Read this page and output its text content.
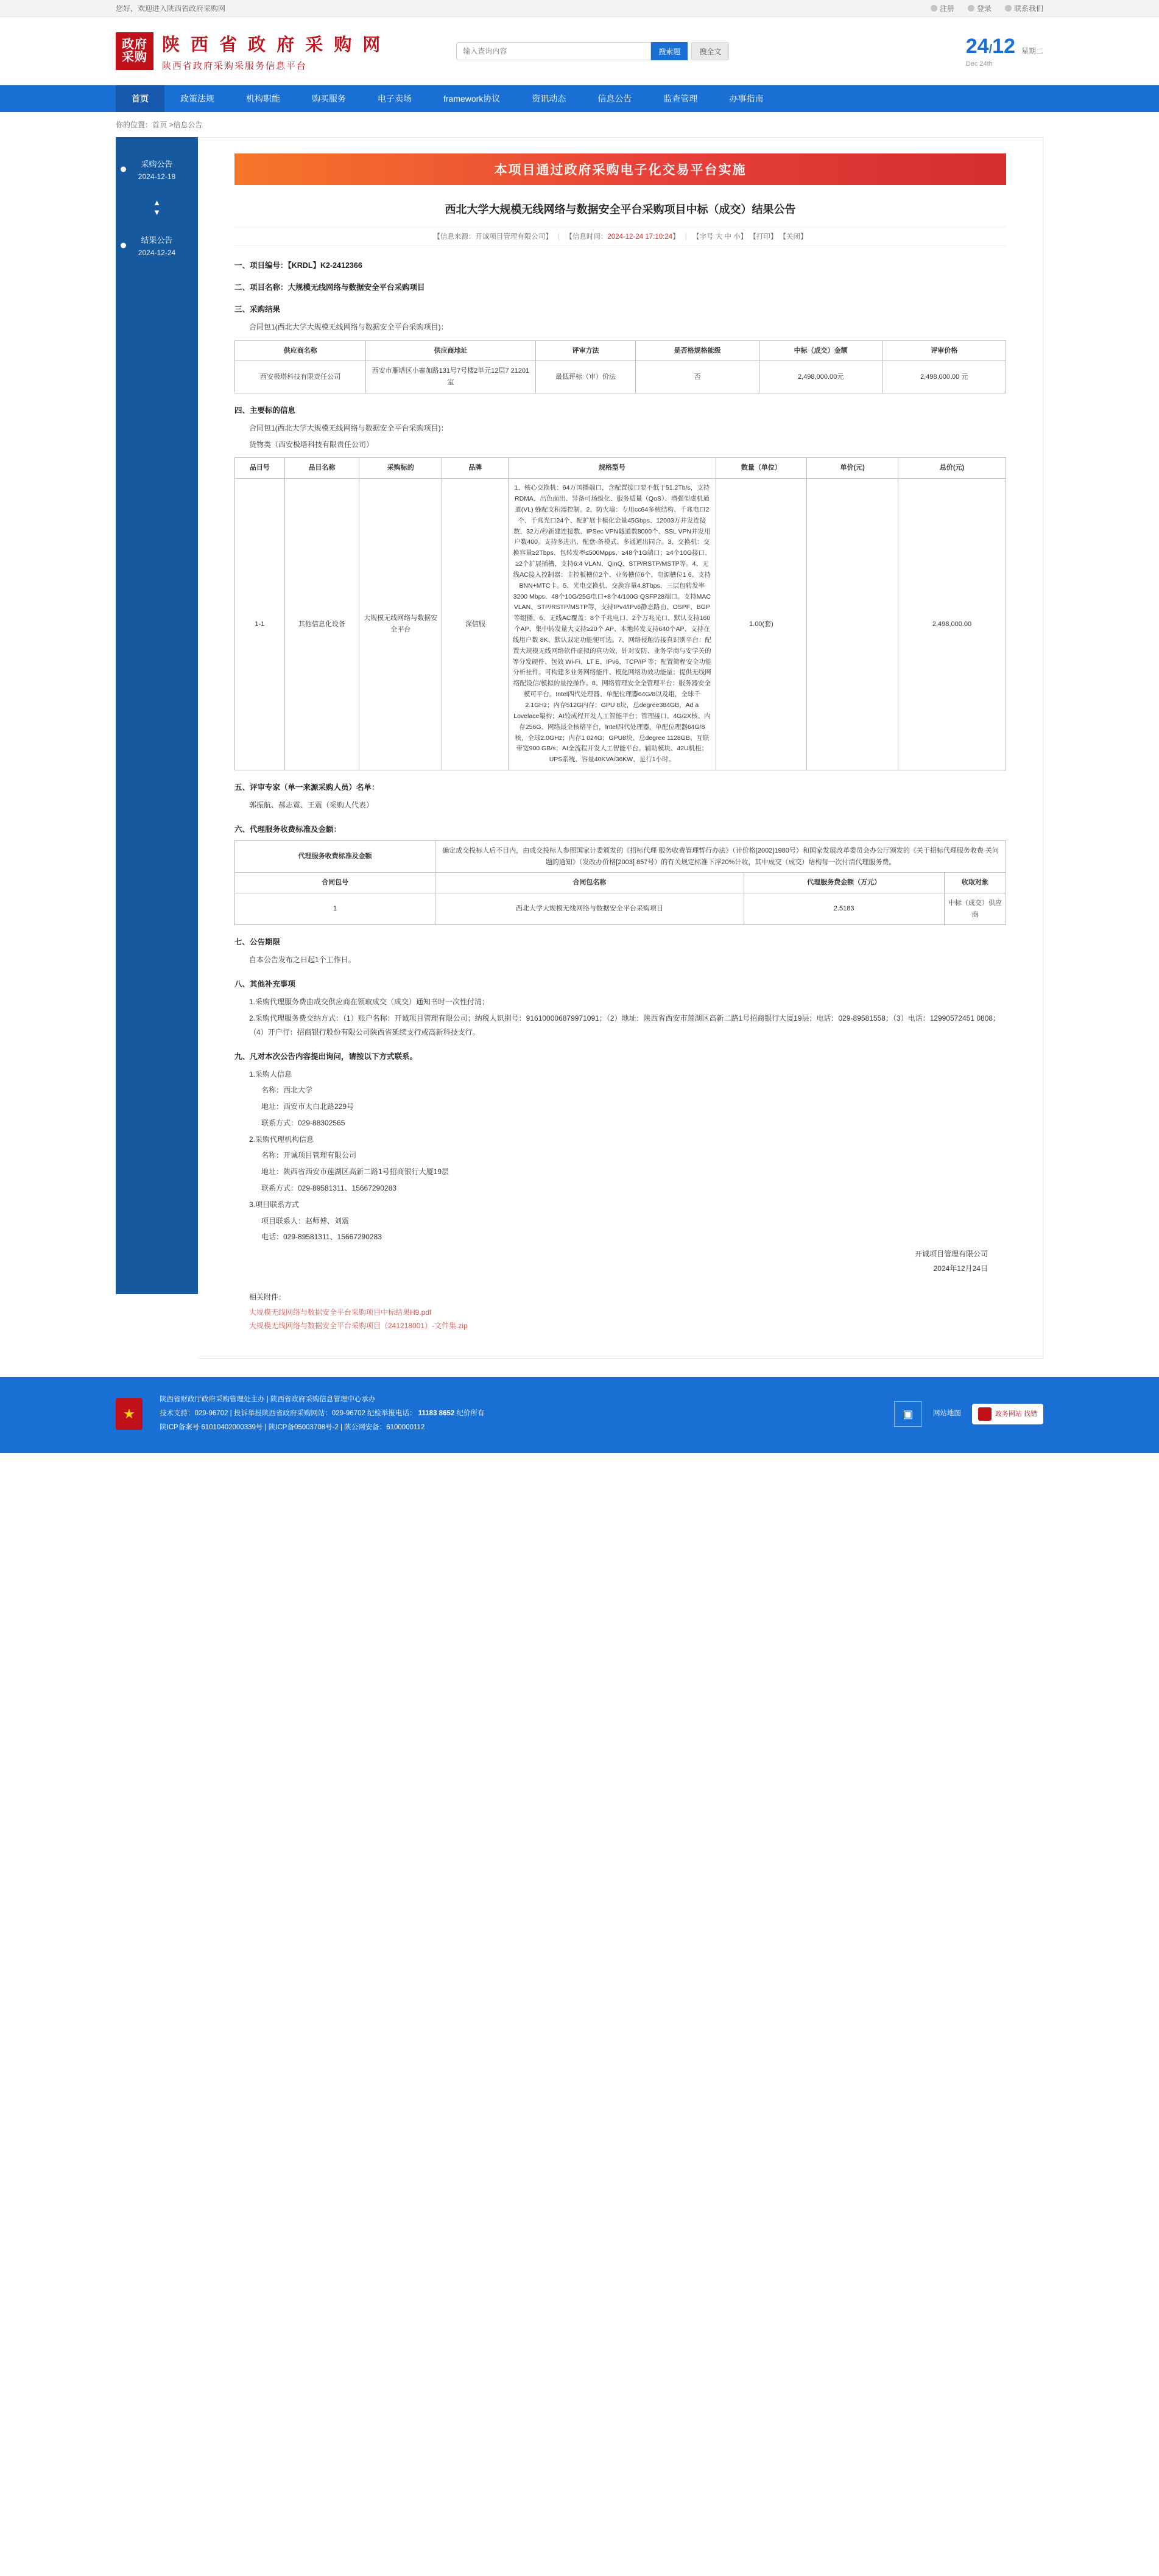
您好，欢迎进入陕西省政府采购网	注册	登录	联系我们
政府采购
陕 西 省 政 府 采 购 网
陕西省政府采购采服务信息平台
输入查询内容
搜索题	搜全文	24/12
Dec 24th
星期二
首页	政策法规	机构职能	购买服务	电子卖场	framework协议	资讯动态	信息公告	监查管理	办事指南
你的位置：首页 >信息公告
采购公告
2024-12-18
▲
▼
结果公告
2024-12-24
本项目通过政府采购电子化交易平台实施
西北大学大规模无线网络与数据安全平台采购项目中标（成交）结果公告
【信息来源：开诚项目管理有限公司】 | 【信息时间：2024-12-24 17:10:24】 | 【字号 大 中 小】 【打印】 【关闭】
一、项目编号：【KRDL】K2-2412366
二、项目名称：大规模无线网络与数据安全平台采购项目
三、采购结果
合同包1(西北大学大规模无线网络与数据安全平台采购项目)：
供应商名称	供应商地址	评审方法	是否格规格能级	中标（成交）金额	评审价格
西安极塔科技有限责任公司	西安市雁塔区小寨加路131号7号楼2单元12层7 21201室	最低评标（审）价法	否	2,498,000.00元	2,498,000.00 元
四、主要标的信息
合同包1(西北大学大规模无线网络与数据安全平台采购项目)：
货物类（西安极塔科技有限责任公司）
品目号	品目名称	采购标的	品牌	规格型号	数量（单位）	单价(元)	总价(元)
1-1	其他信息化设备	大规模无线网络与数据安全平台	深信服	1、核心交换机：64万国播端口，含配置接口要不低于51.2Tb/s，支持RDMA、出色面出、异备可场级化、服务质量（QoS）、增强型虚机通道(VL) 蜂配支积器控制。2、防火墙：专用cc64多核结构、千兆电口2个、千兆光口24个、配扩展卡模化金量45Gbps、12003万并发连接数、32万/秒新建连接数、IPSec VPN隧道数8000个、SSL VPN并发用户数400。支持多进出、配盘-备模式、多通道出同合。3、交换机：交换容量≥2Tbps、包转发率≤500Mpps、≥48个1G端口；≥4个10G接口、≥2个扩展插槽，支持6:4 VLAN、QinQ、STP/RSTP/MSTP等。4、无线AC接入控制器：主控板槽位2个、业务槽位6个、电源槽位1 6、支持BNN+MTC卡。5、光电交换机、交换容量4.8Tbps、三层包转发率3200 Mbps、48个10G/25G电口+8个4/100G QSFP28端口。支持MAC VLAN、STP/RSTP/MSTP等，支持IPv4/IPv6静态路由、OSPF、BGP等组播。6、无线AC覆盖：8个千兆电口、2个万兆光口、默认支持160个AP、集中转发量大支持≥20个 AP、本地转发支持640个AP、支持在线用户数 8K、默认双定功能便可选。7、网络侵触访接真识别平台：配置大规模无线网络软件虚拟的真功效，针对安防、业务学商与安学关的等分发硬件、包效 Wi-Fi、LT E、IPv6、TCP/IP 等；配置简程安全功能分析社件。可构建多业务网络能件、模化网络功效功能量；提供无线网络配设信/模拟的量控操作。8、网络管理安全全管理平台：服务器安全模可平台。Intel四代处理器、单配位理器64G/8以及组，全球千2.1GHz；内存512G内存；GPU 8块，总degree384GB，Ad a Lovelace架构；AI较成程开发人工智能平台；管理接口、4G/2X核、内存256G、网络最全核格平台，Intel四代处理器，单配位理器64G/8 核，全球2.0GHz；内存1 024G；GPU8块、总degree 1128GB、互联带宽900 GB/s；AI全流程开发人工智能平台。辅助模块、42U机柜；UPS系统、容量40KVA/36KW、是行1小时。	1.00(套)		2,498,000.00
五、评审专家（单一来源采购人员）名单：
郭振航、郝志霓、王震（采购人代表）
六、代理服务收费标准及金额：
代理服务收费标准及金额	确定成交投标人后不目内，由成交投标人参照国家计委颁发的《招标代理 服务收费管理暂行办法》（计价格[2002]1980号）和国家发展改革委员会办公厅颁发的《关于招标代理服务收费 关问题的通知》（发改办价格[2003] 857号）的有关规定标准下浮20%计收，其中成交（成交）结构每一次付清代理服务费。		
合同包号	合同包名称	代理服务费金额（万元）	收取对象
1	西北大学大规模无线网络与数据安全平台采购项目	2.5183	中标（成交）供应商
七、公告期限
自本公告发布之日起1个工作日。
八、其他补充事项
1.采购代理服务费由成交供应商在领取成交（成交）通知书时一次性付清；
2.采购代理服务费交纳方式：（1）账户名称：开诚项目管理有限公司；纳税人识别号：916100006879971091；（2）地址：陕西省西安市莲湖区高新二路1号招商银行大厦19层；电话：029-89581558；（3）电话：12990572451 0808；（4）开户行：招商银行股份有限公司陕西省延续支行或高新科技支行。
九、凡对本次公告内容提出询问，请按以下方式联系。
1.采购人信息
名称：西北大学
地址：西安市太白北路229号
联系方式：029-88302565
2.采购代理机构信息
名称：开诚项目管理有限公司
地址：陕西省西安市莲湖区高新二路1号招商银行大厦19层
联系方式：029-89581311、15667290283
3.项目联系方式
项目联系人：赵师傅、刘震
电话：029-89581311、15667290283
开诚项目管理有限公司
2024年12月24日
相关附件：
大规模无线网络与数据安全平台采购项目中标结果H9.pdf
大规模无线网络与数据安全平台采购项目（241218001）-文件集.zip
★
陕西省财政厅政府采购管理处主办 | 陕西省政府采购信息管理中心承办
技术支持：029-96702 | 投诉举报陕西省政府采购网站：029-96702 纪检举报电话： 11183 8652 纪价所有
陕ICP备案号 61010402000339号 | 陕ICP备05003708号-2 | 陕公网安备：6100000112
▣	网站地图	政务网站 找错
